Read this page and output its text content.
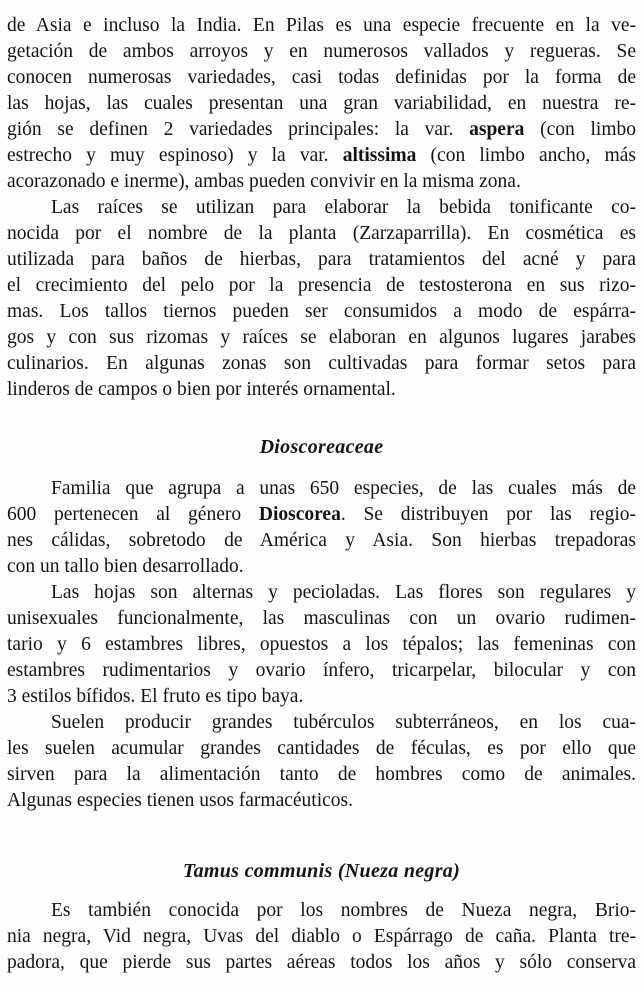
de Asia e incluso la India. En Pilas es una especie frecuente en la ve-
getación de ambos arroyos y en numerosos vallados y regueras. Se
conocen numerosas variedades, casi todas definidas por la forma de
las hojas, las cuales presentan una gran variabilidad, en nuestra re-
gión se definen 2 variedades principales: la var. aspera (con limbo
estrecho y muy espinoso) y la var. altissima (con limbo ancho, más
acorazonado e inerme), ambas pueden convivir en la misma zona.
Las raíces se utilizan para elaborar la bebida tonificante co-
nocida por el nombre de la planta (Zarzaparrilla). En cosmética es
utilizada para baños de hierbas, para tratamientos del acné y para
el crecimiento del pelo por la presencia de testosterona en sus rizo-
mas. Los tallos tiernos pueden ser consumidos a modo de espárra-
gos y con sus rizomas y raíces se elaboran en algunos lugares jarabes
culinarios. En algunas zonas son cultivadas para formar setos para
linderos de campos o bien por interés ornamental.
Dioscoreaceae
Familia que agrupa a unas 650 especies, de las cuales más de
600 pertenecen al género Dioscorea. Se distribuyen por las regio-
nes cálidas, sobretodo de América y Asia. Son hierbas trepadoras
con un tallo bien desarrollado.
Las hojas son alternas y pecioladas. Las flores son regulares y
unisexuales funcionalmente, las masculinas con un ovario rudimen-
tario y 6 estambres libres, opuestos a los tépalos; las femeninas con
estambres rudimentarios y ovario ínfero, tricarpelar, bilocular y con
3 estilos bífidos. El fruto es tipo baya.
Suelen producir grandes tubérculos subterráneos, en los cua-
les suelen acumular grandes cantidades de féculas, es por ello que
sirven para la alimentación tanto de hombres como de animales.
Algunas especies tienen usos farmacéuticos.
Tamus communis (Nueza negra)
Es también conocida por los nombres de Nueza negra, Brio-
nia negra, Vid negra, Uvas del diablo o Espárrago de caña. Planta tre-
padora, que pierde sus partes aéreas todos los años y sólo conserva
